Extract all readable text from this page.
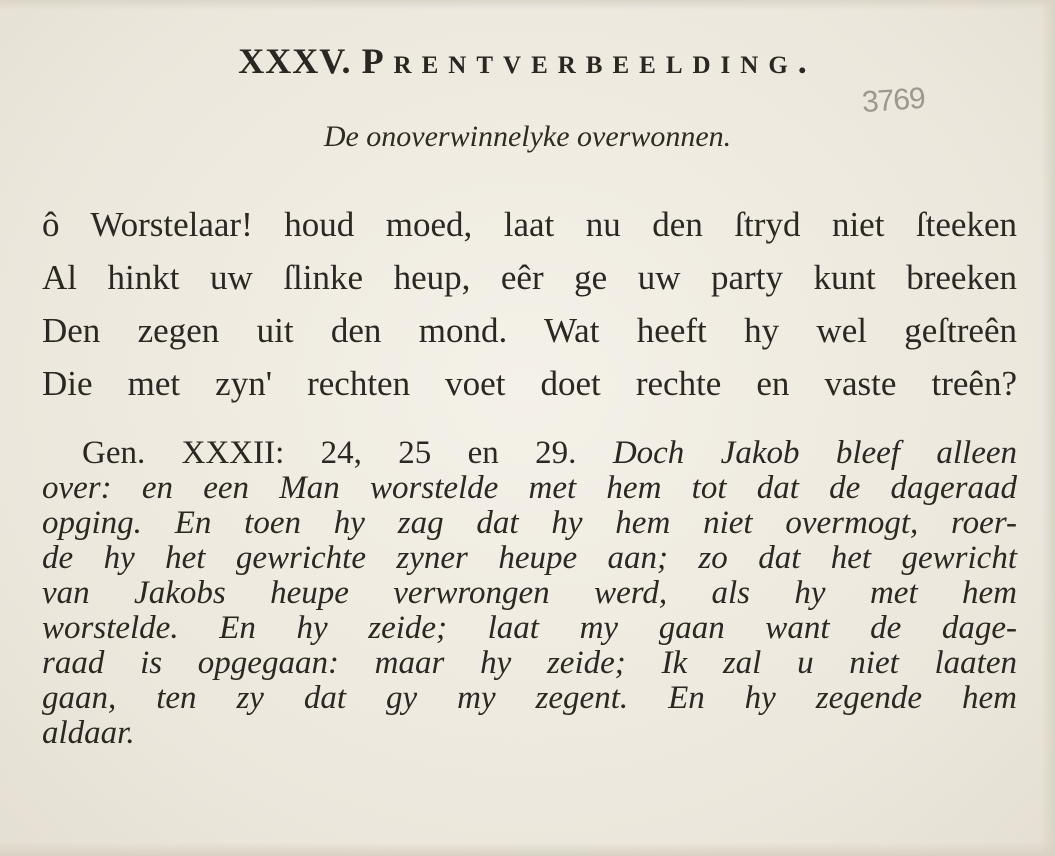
XXXV. Prentverbeelding.
3769
De onoverwinnelyke overwonnen.
ô Worstelaar! houd moed, laat nu den ſtryd niet ſteeken
Al hinkt uw ſlinke heup, eêr ge uw party kunt breeken
Den zegen uit den mond. Wat heeft hy wel geſtreên
Die met zyn' rechten voet doet rechte en vaste treên?
Gen. XXXII: 24, 25 en 29. Doch Jakob bleef alleen
over: en een Man worstelde met hem tot dat de dageraad
opging. En toen hy zag dat hy hem niet overmogt, roer-
de hy het gewrichte zyner heupe aan; zo dat het gewricht
van Jakobs heupe verwrongen werd, als hy met hem
worstelde. En hy zeide; laat my gaan want de dage-
raad is opgegaan: maar hy zeide; Ik zal u niet laaten
gaan, ten zy dat gy my zegent. En hy zegende hem
aldaar.
